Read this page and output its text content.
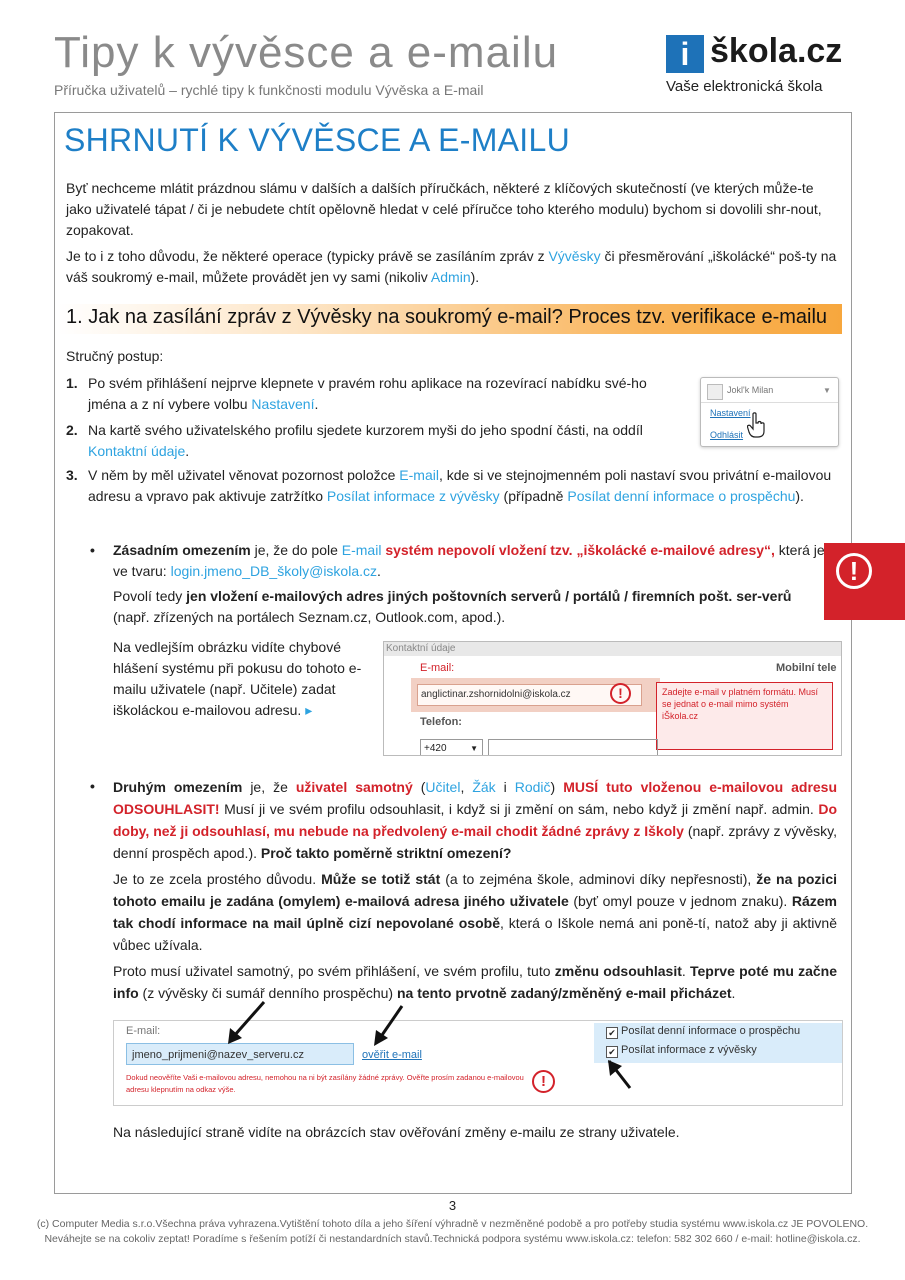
Tipy k vývěsce a e-mailu
Příručka uživatelů – rychlé tipy k funkčnosti modulu Vývěska a E-mail
i škola.cz
Vaše elektronická škola
SHRNUTÍ K VÝVĚSCE A E-MAILU
Byť nechceme mlátit prázdnou slámu v dalších a dalších příručkách, některé z klíčových skutečností (ve kterých může-te jako uživatelé tápat / či je nebudete chtít opělovně hledat v celé příručce toho kterého modulu) bychom si dovolili shr-nout, zopakovat.
Je to i z toho důvodu, že některé operace (typicky právě se zasíláním zpráv z Vývěsky či přesměrování „iškolácké“ poš-ty na váš soukromý e-mail, můžete provádět jen vy sami (nikoliv Admin).
1. Jak na zasílání zpráv z Vývěsky na soukromý e-mail? Proces tzv. verifikace e-mailu
Stručný postup:
1. Po svém přihlášení nejprve klepnete v pravém rohu aplikace na rozevírací nabídku své-ho jména a z ní vybere volbu Nastavení.
2. Na kartě svého uživatelského profilu sjedete kurzorem myši do jeho spodní části, na oddíl Kontaktní údaje.
3. V něm by měl uživatel věnovat pozornost položce E-mail, kde si ve stejnojmenném poli nastaví svou privátní e-mailovou adresu a vpravo pak aktivuje zatržítko Posílat informace z vývěsky (případně Posílat denní informace o prospěchu).
Jokl'k Milan	▼
Nastavení
Odhlásit
!
• Zásadním omezením je, že do pole E-mail systém nepovolí vložení tzv. „iškolácké e-mailové adresy“, která je ve tvaru: login.jmeno_DB_školy@iskola.cz.
Povolí tedy jen vložení e-mailových adres jiných poštovních serverů / portálů / firemních pošt. ser-verů (např. zřízených na portálech Seznam.cz, Outlook.com, apod.).
Na vedlejším obrázku vidíte chybové hlášení systému při pokusu do tohoto e-mailu uživatele (např. Učitele) zadat iškoláckou e-mailovou adresu. ▸
Kontaktní údaje
E-mail:	Mobilní tele
anglictinar.zshornidolni@iskola.cz	!	Zadejte e-mail v platném formátu. Musí se jednat o e-mail mimo systém iŠkola.cz
Telefon:
+420	▼
• Druhým omezením je, že uživatel samotný (Učitel, Žák i Rodič) MUSÍ tuto vloženou e-mailovou adresu ODSOUHLASIT! Musí ji ve svém profilu odsouhlasit, i když si ji změní on sám, nebo když ji změní např. admin. Do doby, než ji odsouhlasí, mu nebude na předvolený e-mail chodit žádné zprávy z Iškoly (např. zprávy z vývěsky, denní prospěch apod.). Proč takto poměrně striktní omezení?
Je to ze zcela prostého důvodu. Může se totiž stát (a to zejména škole, adminovi díky nepřesnosti), že na pozici tohoto emailu je zadána (omylem) e-mailová adresa jiného uživatele (byť omyl pouze v jednom znaku). Rázem tak chodí informace na mail úplně cizí nepovolané osobě, která o Iškole nemá ani poně-tí, natož aby ji aktivně vůbec užívala.
Proto musí uživatel samotný, po svém přihlášení, ve svém profilu, tuto změnu odsouhlasit. Teprve poté mu začne info (z vývěsky či sumář denního prospěchu) na tento prvotně zadaný/změněný e-mail přicházet.
E-mail:
jmeno_prijmeni@nazev_serveru.cz	ověřit e-mail
Dokud neověříte Vaši e-mailovou adresu, nemohou na ni být zasílány žádné zprávy. Ověřte prosím zadanou e-mailovou adresu klepnutím na odkaz výše.	!
✔ Posílat denní informace o prospěchu
✔ Posílat informace z vývěsky
Na následující straně vidíte na obrázcích stav ověřování změny e-mailu ze strany uživatele.
3
(c) Computer Media s.r.o.Všechna práva vyhrazena.Vytištění tohoto díla a jeho šíření výhradně v nezměněné podobě a pro potřeby studia systému www.iskola.cz JE POVOLENO.
Neváhejte se na cokoliv zeptat! Poradíme s řešením potíží či nestandardních stavů.Technická podpora systému www.iskola.cz: telefon: 582 302 660 / e-mail: hotline@iskola.cz.
